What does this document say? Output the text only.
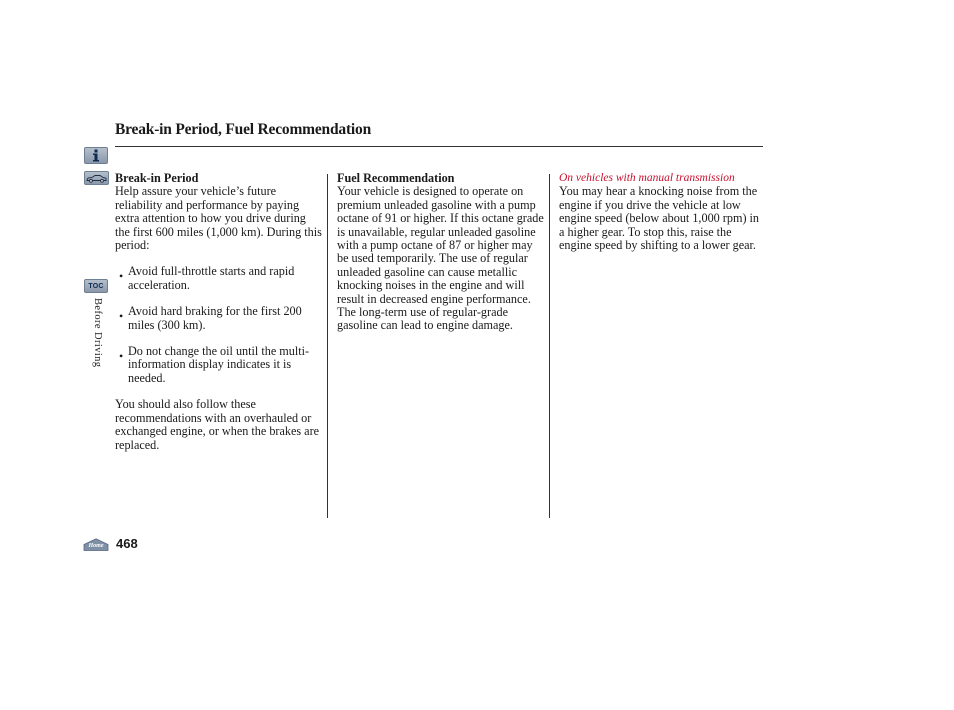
Break-in Period, Fuel Recommendation
TOC
Before Driving
Home 468
Break-in Period

Help assure your vehicle’s future reliability and performance by paying extra attention to how you drive during the first 600 miles (1,000 km). During this period:

• Avoid full-throttle starts and rapid acceleration.
• Avoid hard braking for the first 200 miles (300 km).
• Do not change the oil until the multi-information display indicates it is needed.

You should also follow these recommendations with an overhauled or exchanged engine, or when the brakes are replaced.

Fuel Recommendation

Your vehicle is designed to operate on premium unleaded gasoline with a pump octane of 91 or higher. If this octane grade is unavailable, regular unleaded gasoline with a pump octane of 87 or higher may be used temporarily. The use of regular unleaded gasoline can cause metallic knocking noises in the engine and will result in decreased engine performance. The long-term use of regular-grade gasoline can lead to engine damage.

On vehicles with manual transmission

You may hear a knocking noise from the engine if you drive the vehicle at low engine speed (below about 1,000 rpm) in a higher gear. To stop this, raise the engine speed by shifting to a lower gear.
